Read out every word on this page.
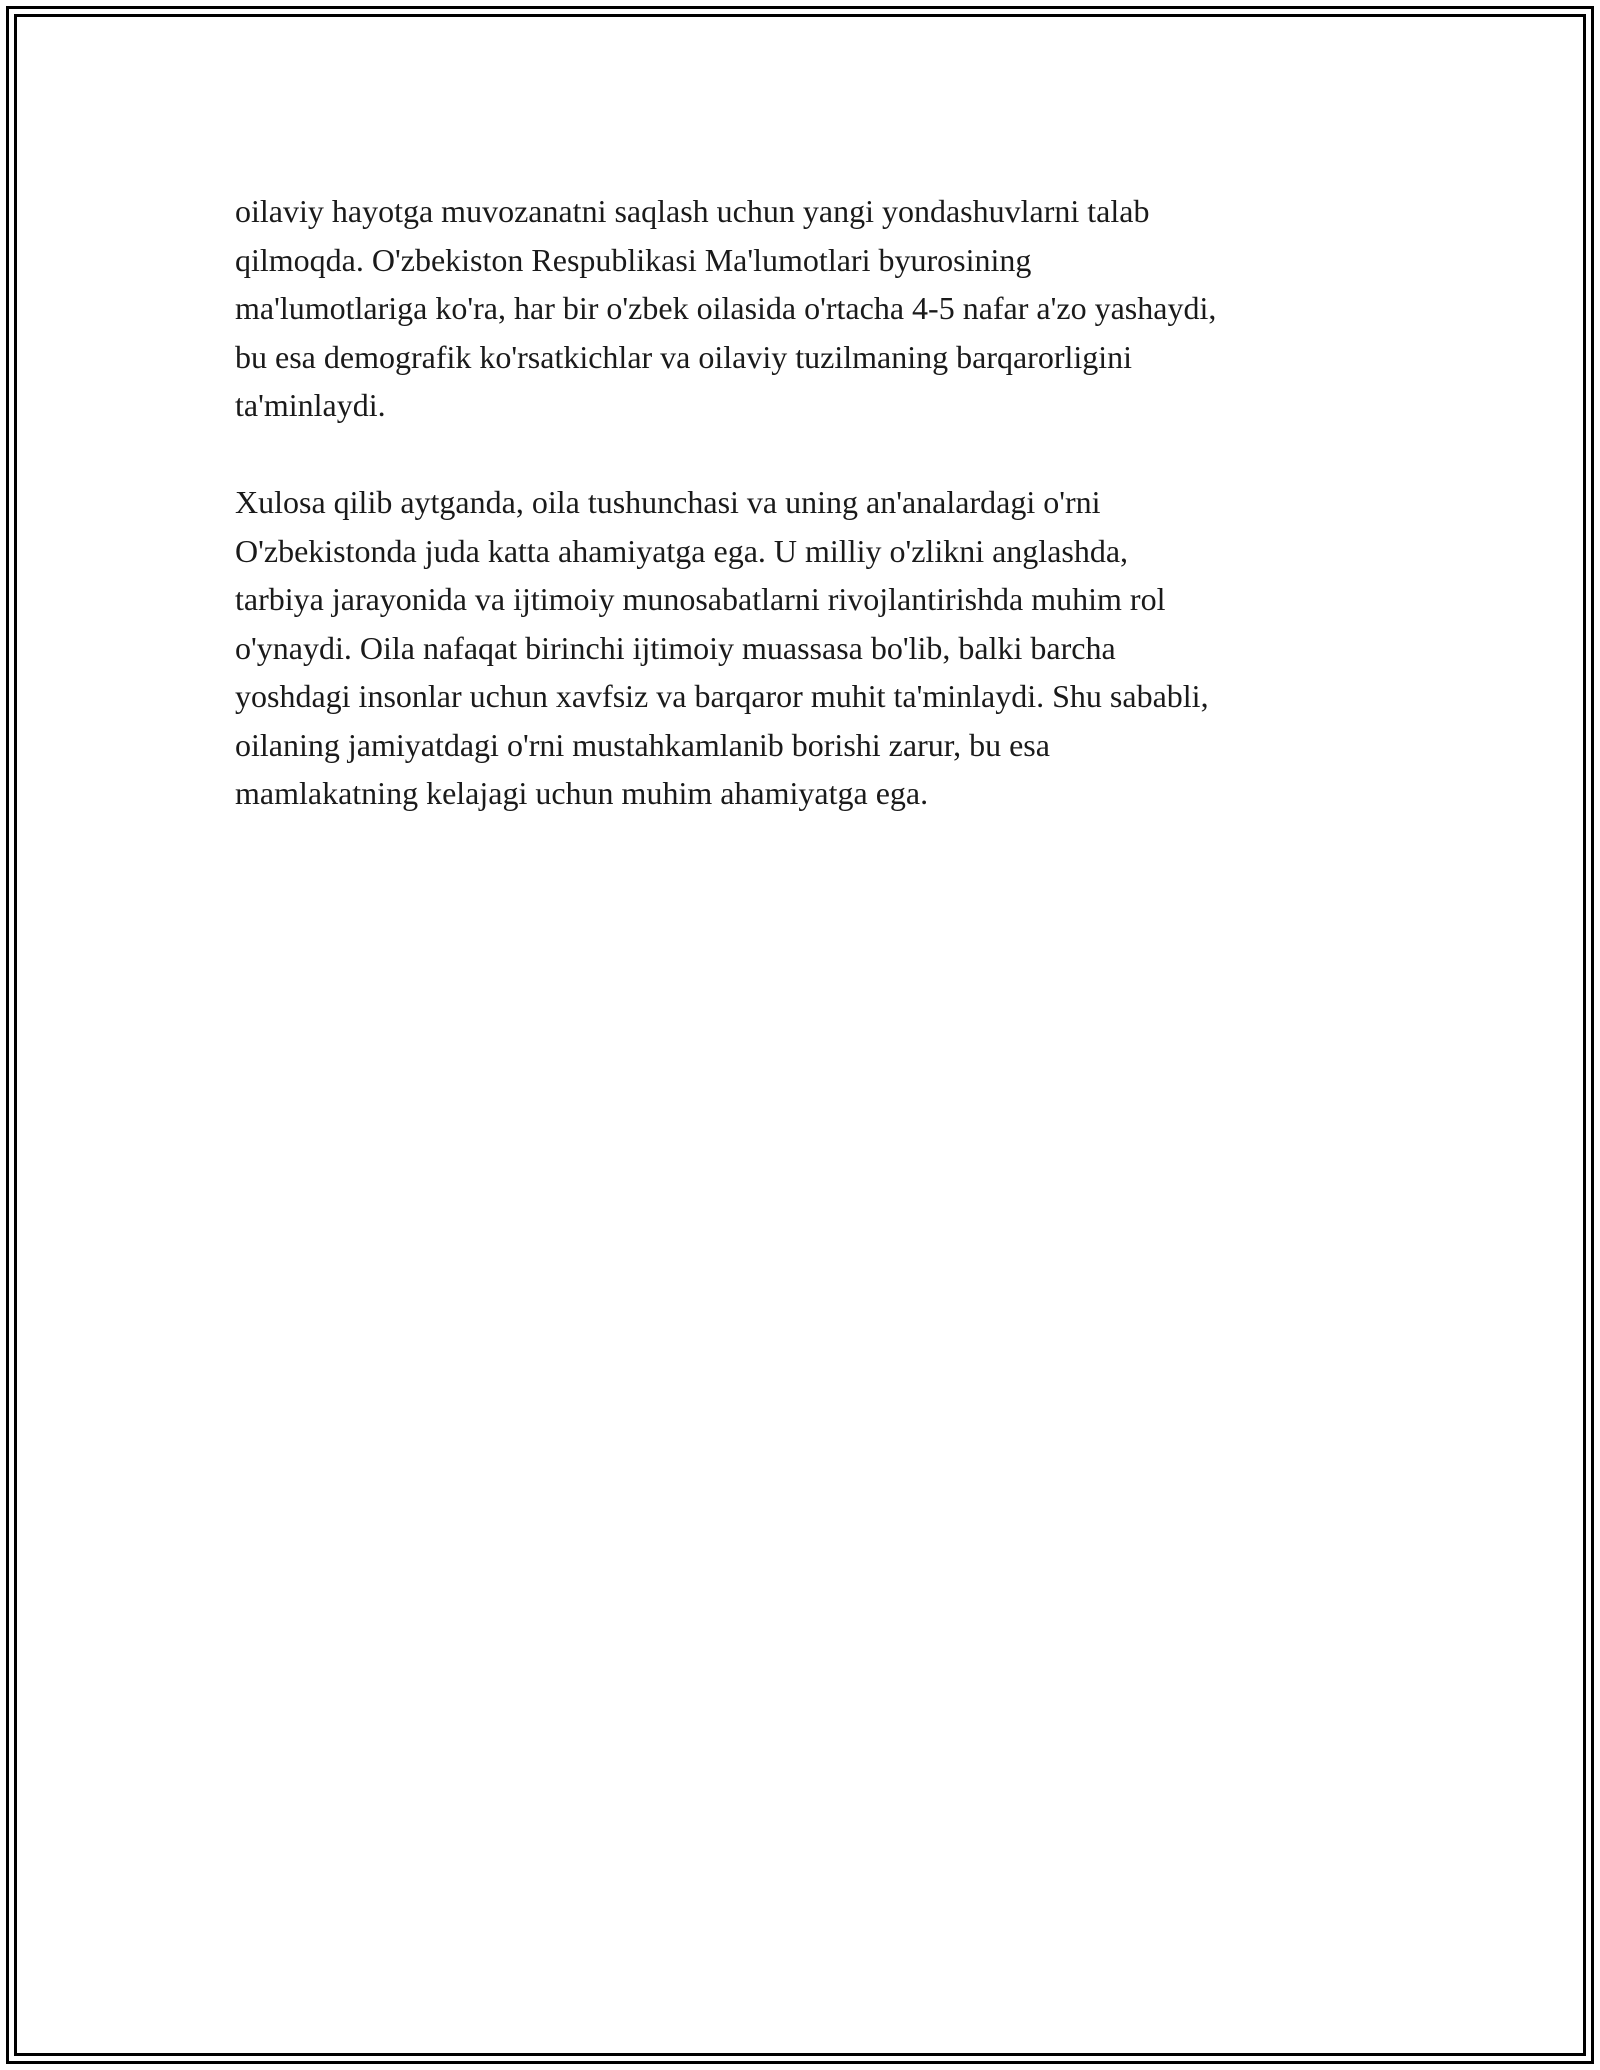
oilaviy hayotga muvozanatni saqlash uchun yangi yondashuvlarni talab
qilmoqda. O'zbekiston Respublikasi Ma'lumotlari byurosining
ma'lumotlariga ko'ra, har bir o'zbek oilasida o'rtacha 4-5 nafar a'zo yashaydi,
bu esa demografik ko'rsatkichlar va oilaviy tuzilmaning barqarorligini
ta'minlaydi.
Xulosa qilib aytganda, oila tushunchasi va uning an'analardagi o'rni
O'zbekistonda juda katta ahamiyatga ega. U milliy o'zlikni anglashda,
tarbiya jarayonida va ijtimoiy munosabatlarni rivojlantirishda muhim rol
o'ynaydi. Oila nafaqat birinchi ijtimoiy muassasa bo'lib, balki barcha
yoshdagi insonlar uchun xavfsiz va barqaror muhit ta'minlaydi. Shu sababli,
oilaning jamiyatdagi o'rni mustahkamlanib borishi zarur, bu esa
mamlakatning kelajagi uchun muhim ahamiyatga ega.
